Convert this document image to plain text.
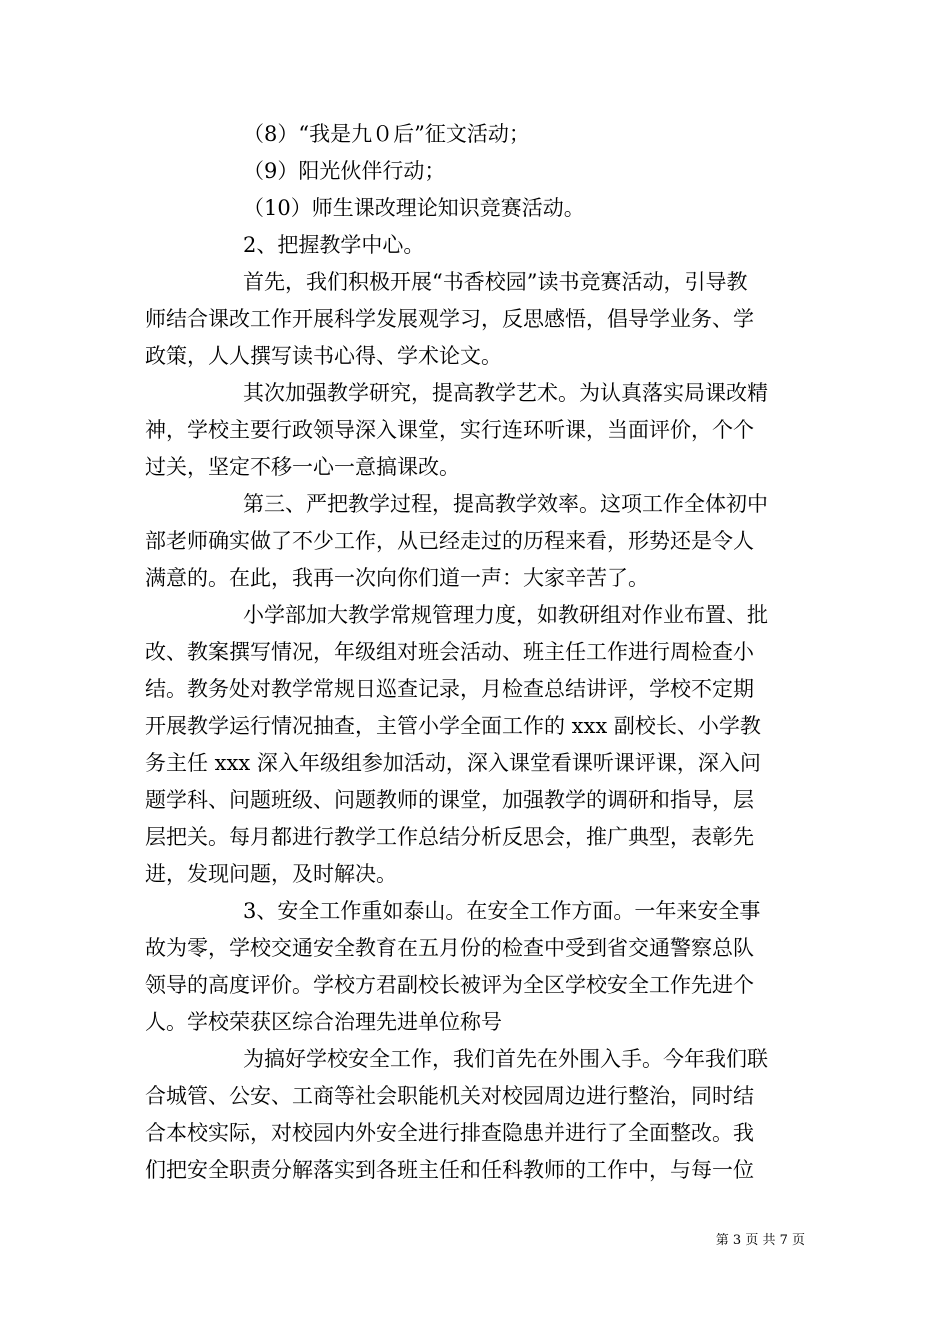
（8）“我是九０后”征文活动；
（9）阳光伙伴行动；
（10）师生课改理论知识竞赛活动。
2、把握教学中心。
首先，我们积极开展“书香校园”读书竞赛活动，引导教
师结合课改工作开展科学发展观学习，反思感悟，倡导学业务、学
政策，人人撰写读书心得、学术论文。
其次加强教学研究，提高教学艺术。为认真落实局课改精
神，学校主要行政领导深入课堂，实行连环听课，当面评价，个个
过关，坚定不移一心一意搞课改。
第三、严把教学过程，提高教学效率。这项工作全体初中
部老师确实做了不少工作，从已经走过的历程来看，形势还是令人
满意的。在此，我再一次向你们道一声：大家辛苦了。
小学部加大教学常规管理力度，如教研组对作业布置、批
改、教案撰写情况，年级组对班会活动、班主任工作进行周检查小
结。教务处对教学常规日巡查记录，月检查总结讲评，学校不定期
开展教学运行情况抽查，主管小学全面工作的 xxx 副校长、小学教
务主任 xxx 深入年级组参加活动，深入课堂看课听课评课，深入问
题学科、问题班级、问题教师的课堂，加强教学的调研和指导，层
层把关。每月都进行教学工作总结分析反思会，推广典型，表彰先
进，发现问题，及时解决。
3、安全工作重如泰山。在安全工作方面。一年来安全事
故为零，学校交通安全教育在五月份的检查中受到省交通警察总队
领导的高度评价。学校方君副校长被评为全区学校安全工作先进个
人。学校荣获区综合治理先进单位称号
为搞好学校安全工作，我们首先在外围入手。今年我们联
合城管、公安、工商等社会职能机关对校园周边进行整治，同时结
合本校实际，对校园内外安全进行排查隐患并进行了全面整改。我
们把安全职责分解落实到各班主任和任科教师的工作中，与每一位
第 3 页 共 7 页
